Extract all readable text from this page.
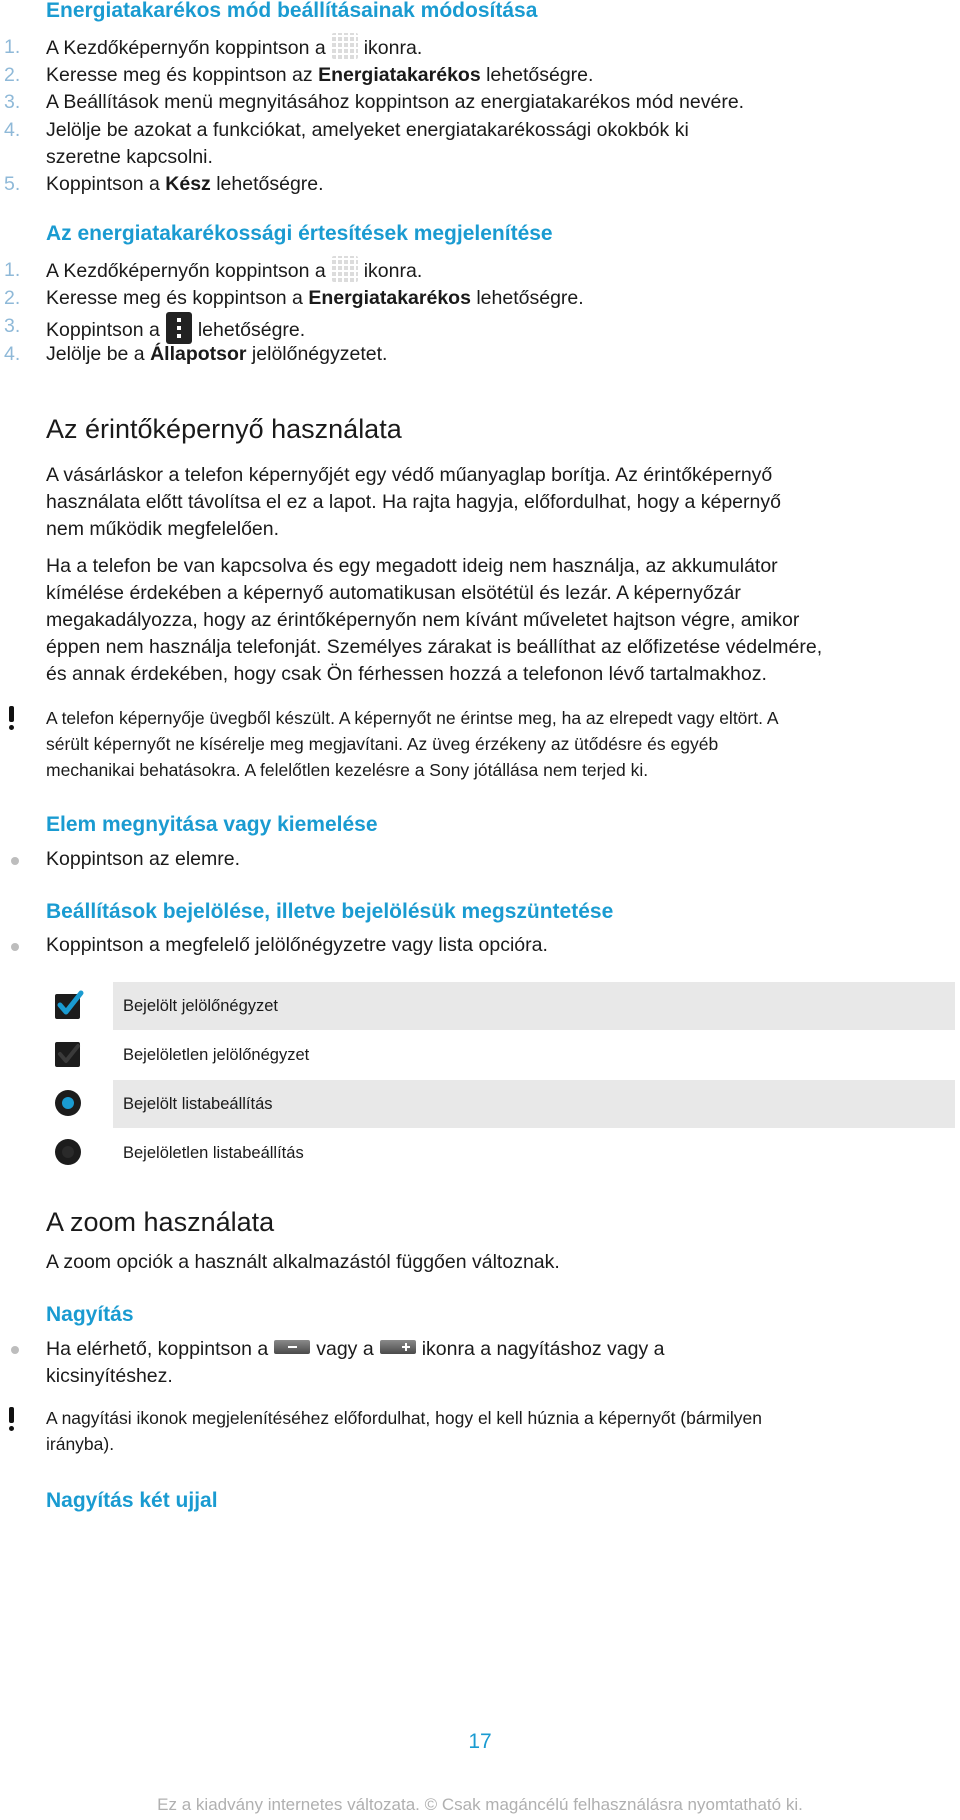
Energiatakarékos mód beállításainak módosítása
1. A Kezdőképernyőn koppintson a ikonra.
2. Keresse meg és koppintson az Energiatakarékos lehetőségre.
3. A Beállítások menü megnyitásához koppintson az energiatakarékos mód nevére.
4. Jelölje be azokat a funkciókat, amelyeket energiatakarékossági okokbók ki
szeretne kapcsolni.
5. Koppintson a Kész lehetőségre.
Az energiatakarékossági értesítések megjelenítése
1. A Kezdőképernyőn koppintson a ikonra.
2. Keresse meg és koppintson a Energiatakarékos lehetőségre.
3. Koppintson a lehetőségre.
4. Jelölje be a Állapotsor jelölőnégyzetet.
Az érintőképernyő használata
A vásárláskor a telefon képernyőjét egy védő műanyaglap borítja. Az érintőképernyő
használata előtt távolítsa el ez a lapot. Ha rajta hagyja, előfordulhat, hogy a képernyő
nem működik megfelelően.
Ha a telefon be van kapcsolva és egy megadott ideig nem használja, az akkumulátor
kímélése érdekében a képernyő automatikusan elsötétül és lezár. A képernyőzár
megakadályozza, hogy az érintőképernyőn nem kívánt műveletet hajtson végre, amikor
éppen nem használja telefonját. Személyes zárakat is beállíthat az előfizetése védelmére,
és annak érdekében, hogy csak Ön férhessen hozzá a telefonon lévő tartalmakhoz.
A telefon képernyője üvegből készült. A képernyőt ne érintse meg, ha az elrepedt vagy eltört. A
sérült képernyőt ne kísérelje meg megjavítani. Az üveg érzékeny az ütődésre és egyéb
mechanikai behatásokra. A felelőtlen kezelésre a Sony jótállása nem terjed ki.
Elem megnyitása vagy kiemelése
Koppintson az elemre.
Beállítások bejelölése, illetve bejelölésük megszüntetése
Koppintson a megfelelő jelölőnégyzetre vagy lista opcióra.
Bejelölt jelölőnégyzet
Bejelöletlen jelölőnégyzet
Bejelölt listabeállítás
Bejelöletlen listabeállítás
A zoom használata
A zoom opciók a használt alkalmazástól függően változnak.
Nagyítás
Ha elérhető, koppintson a vagy a ikonra a nagyításhoz vagy a
kicsinyítéshez.
A nagyítási ikonok megjelenítéséhez előfordulhat, hogy el kell húznia a képernyőt (bármilyen
irányba).
Nagyítás két ujjal
17
Ez a kiadvány internetes változata. © Csak magáncélú felhasználásra nyomtatható ki.
